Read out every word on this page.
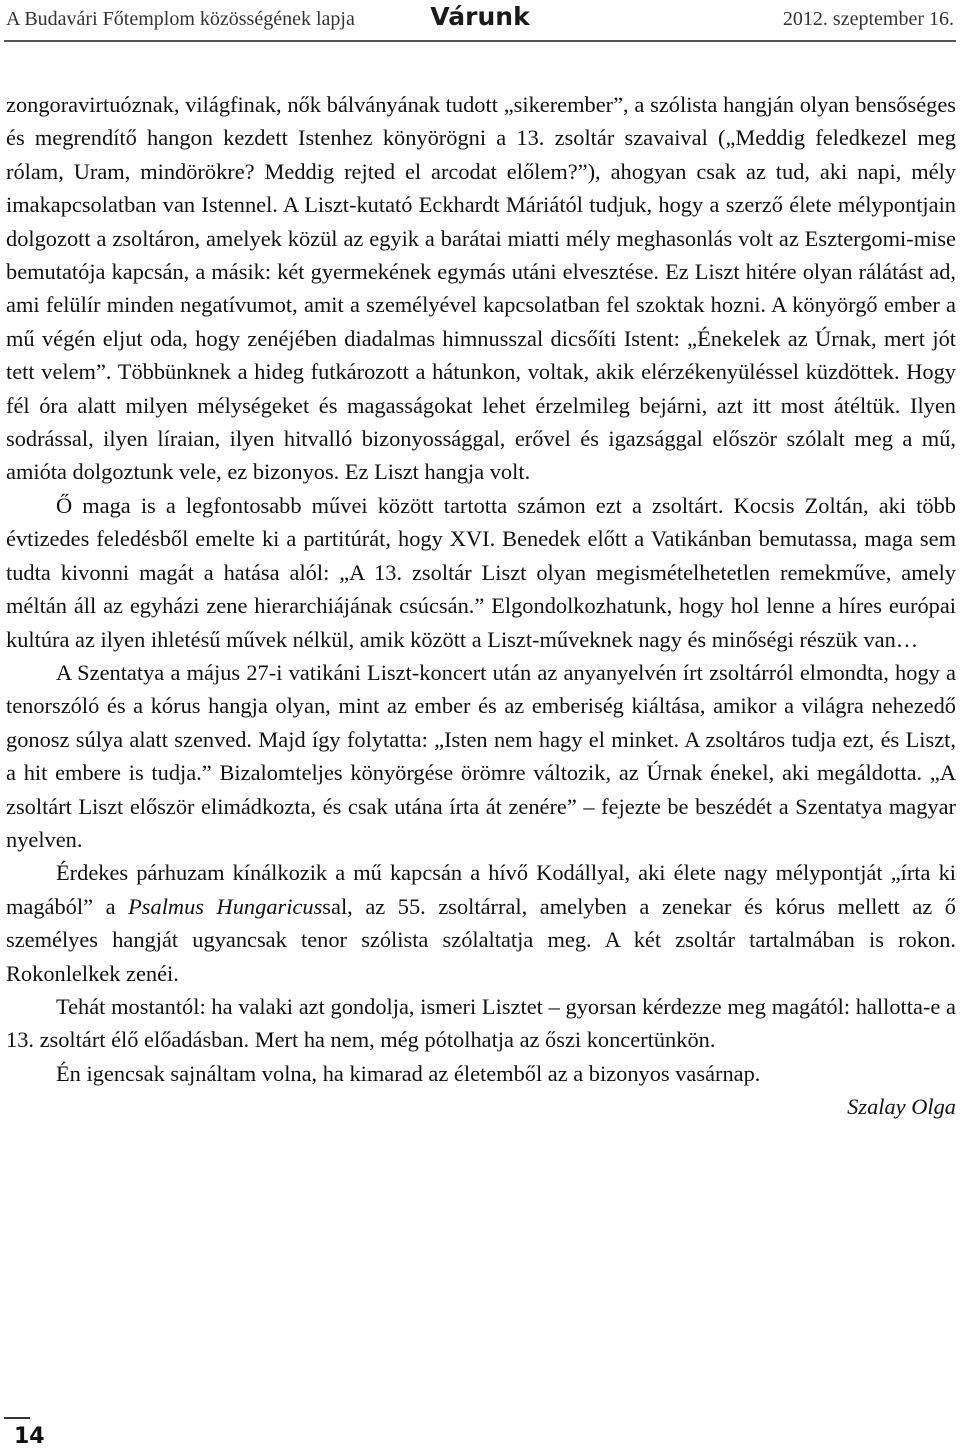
A Budavári Főtemplom közösségének lapja	Várunk	2012. szeptember 16.

zongoravirtuóznak, világfinak, nők bálványának tudott „sikerember”, a szólista hangján olyan bensőséges és megrendítő hangon kezdett Istenhez könyörögni a 13. zsoltár szavaival („Meddig feledkezel meg rólam, Uram, mindörökre? Meddig rejted el arcodat előlem?”), ahogyan csak az tud, aki napi, mély imakapcsolatban van Istennel. A Liszt-kutató Eckhardt Máriától tudjuk, hogy a szerző élete mélypontjain dolgozott a zsoltáron, amelyek közül az egyik a barátai miatti mély meghasonlás volt az Esztergomi-mise bemutatója kapcsán, a másik: két gyermekének egymás utáni elvesztése. Ez Liszt hitére olyan rálátást ad, ami felülír minden negatívumot, amit a személyével kapcsolatban fel szoktak hozni. A könyörgő ember a mű végén eljut oda, hogy zenéjében diadalmas himnusszal dicsőíti Istent: „Énekelek az Úrnak, mert jót tett velem”. Többünknek a hideg futkározott a hátunkon, voltak, akik elérzékenyüléssel küzdöttek. Hogy fél óra alatt milyen mélységeket és magasságokat lehet érzelmileg bejárni, azt itt most átéltük. Ilyen sodrással, ilyen líraian, ilyen hitvalló bizonyossággal, erővel és igazsággal először szólalt meg a mű, amióta dolgoztunk vele, ez bizonyos. Ez Liszt hangja volt.

Ő maga is a legfontosabb művei között tartotta számon ezt a zsoltárt. Kocsis Zoltán, aki több évtizedes feledésből emelte ki a partitúrát, hogy XVI. Benedek előtt a Vatikánban bemutassa, maga sem tudta kivonni magát a hatása alól: „A 13. zsoltár Liszt olyan megismételhetetlen remekműve, amely méltán áll az egyházi zene hierarchiájának csúcsán.” Elgondolkozhatunk, hogy hol lenne a híres európai kultúra az ilyen ihletésű művek nélkül, amik között a Liszt-műveknek nagy és minőségi részük van…

A Szentatya a május 27-i vatikáni Liszt-koncert után az anyanyelvén írt zsoltárról elmondta, hogy a tenorszóló és a kórus hangja olyan, mint az ember és az emberiség kiáltása, amikor a világra nehezedő gonosz súlya alatt szenved. Majd így folytatta: „Isten nem hagy el minket. A zsoltáros tudja ezt, és Liszt, a hit embere is tudja.” Bizalomteljes könyörgése örömre változik, az Úrnak énekel, aki megáldotta. „A zsoltárt Liszt először elimádkozta, és csak utána írta át zenére” – fejezte be beszédét a Szentatya magyar nyelven.

Érdekes párhuzam kínálkozik a mű kapcsán a hívő Kodállyal, aki élete nagy mélypontját „írta ki magából” a Psalmus Hungaricussal, az 55. zsoltárral, amelyben a zenekar és kórus mellett az ő személyes hangját ugyancsak tenor szólista szólaltatja meg. A két zsoltár tartalmában is rokon. Rokonlelkek zenéi.

Tehát mostantól: ha valaki azt gondolja, ismeri Lisztet – gyorsan kérdezze meg magától: hallotta-e a 13. zsoltárt élő előadásban. Mert ha nem, még pótolhatja az őszi koncertünkön.

Én igencsak sajnáltam volna, ha kimarad az életemből az a bizonyos vasárnap.

Szalay Olga

14
